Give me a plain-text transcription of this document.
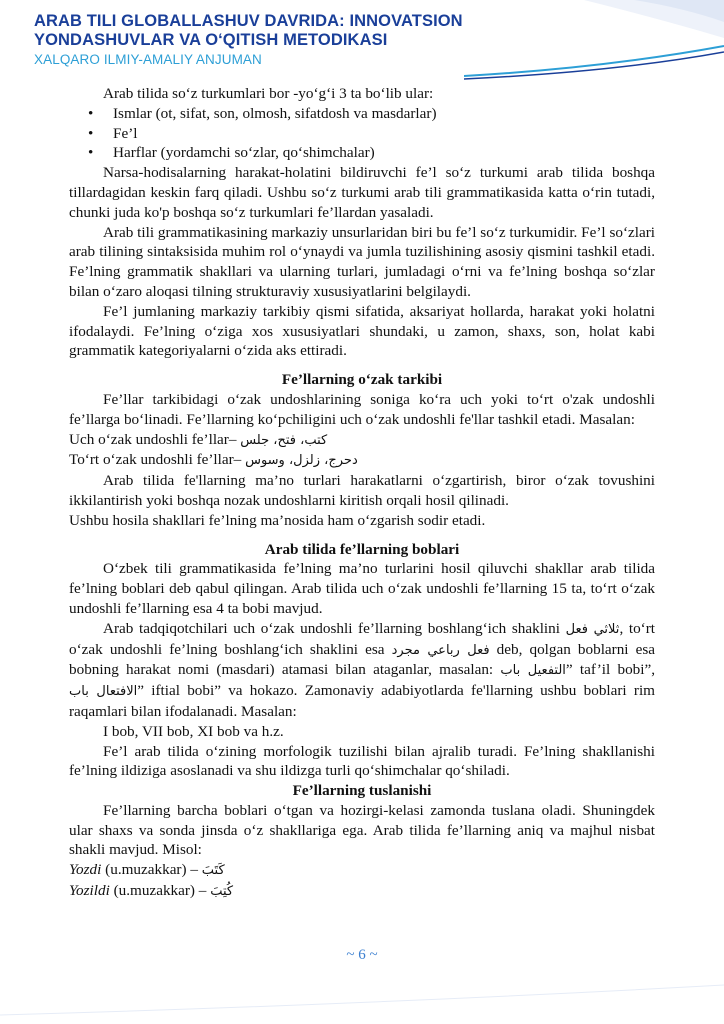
ARAB TILI GLOBALLASHUV DAVRIDA: INNOVATSION
YONDASHUVLAR VA O‘QITISH METODIKASI
XALQARO ILMIY-AMALIY ANJUMAN

Arab tilida so‘z turkumlari bor -yo‘g‘i 3 ta bo‘lib ular:

• Ismlar (ot, sifat, son, olmosh, sifatdosh va masdarlar)
• Fe’l
• Harflar (yordamchi so‘zlar, qo‘shimchalar)

Narsa-hodisalarning harakat-holatini bildiruvchi fe’l so‘z turkumi arab tilida boshqa tillardagidan keskin farq qiladi. Ushbu so‘z turkumi arab tili grammatikasida katta o‘rin tutadi, chunki juda ko'p boshqa so‘z turkumlari fe’llardan yasaladi.

Arab tili grammatikasining markaziy unsurlaridan biri bu fe’l so‘z turkumidir. Fe’l so‘zlari arab tilining sintaksisida muhim rol o‘ynaydi va jumla tuzilishining asosiy qismini tashkil etadi. Fe’lning grammatik shakllari va ularning turlari, jumladagi o‘rni va fe’lning boshqa so‘zlar bilan o‘zaro aloqasi tilning strukturaviy xususiyatlarini belgilaydi.

Fe’l jumlaning markaziy tarkibiy qismi sifatida, aksariyat hollarda, harakat yoki holatni ifodalaydi. Fe’lning o‘ziga xos xususiyatlari shundaki, u zamon, shaxs, son, holat kabi grammatik kategoriyalarni o‘zida aks ettiradi.

Fe’llarning o‘zak tarkibi

Fe’llar tarkibidagi o‘zak undoshlarining soniga ko‘ra uch yoki to‘rt o'zak undoshli fe’llarga bo‘linadi. Fe’llarning ko‘pchiligini uch o‘zak undoshli fe'llar tashkil etadi. Masalan:

Uch o‘zak undoshli fe’llar– كتب، فتح، جلس

To‘rt o‘zak undoshli fe’llar– دحرج، زلزل، وسوس

Arab tilida fe'llarning ma’no turlari harakatlarni o‘zgartirish, biror o‘zak tovushini ikkilantirish yoki boshqa nozak undoshlarni kiritish orqali hosil qilinadi.

Ushbu hosila shakllari fe’lning ma’nosida ham o‘zgarish sodir etadi.

Arab tilida fe’llarning boblari

O‘zbek tili grammatikasida fe’lning ma’no turlarini hosil qiluvchi shakllar arab tilida fe’lning boblari deb qabul qilingan. Arab tilida uch o‘zak undoshli fe’llarning 15 ta, to‘rt o‘zak undoshli fe’llarning esa 4 ta bobi mavjud.

Arab tadqiqotchilari uch o‘zak undoshli fe’llarning boshlang‘ich shaklini فعل ثلاثي, to‘rt o‘zak undoshli fe’lning boshlang‘ich shaklini esa فعل رباعي مجرد deb, qolgan boblarni esa bobning harakat nomi (masdari) atamasi bilan ataganlar, masalan: التفعيل باب” taf’il bobi”, الافتعال باب” iftial bobi” va hokazo. Zamonaviy adabiyotlarda fe'llarning ushbu boblari rim raqamlari bilan ifodalanadi. Masalan:

I bob, VII bob, XI bob va h.z.

Fe’l arab tilida o‘zining morfologik tuzilishi bilan ajralib turadi. Fe’lning shakllanishi fe’lning ildiziga asoslanadi va shu ildizga turli qo‘shimchalar qo‘shiladi.

Fe’llarning tuslanishi

Fe’llarning barcha boblari o‘tgan va hozirgi-kelasi zamonda tuslana oladi. Shuningdek ular shaxs va sonda jinsda o‘z shakllariga ega. Arab tilida fe’llarning aniq va majhul nisbat shakli mavjud. Misol:

Yozdi (u.muzakkar) – كَتَبَ

Yozildi (u.muzakkar) – كُتِبَ

~ 6 ~
